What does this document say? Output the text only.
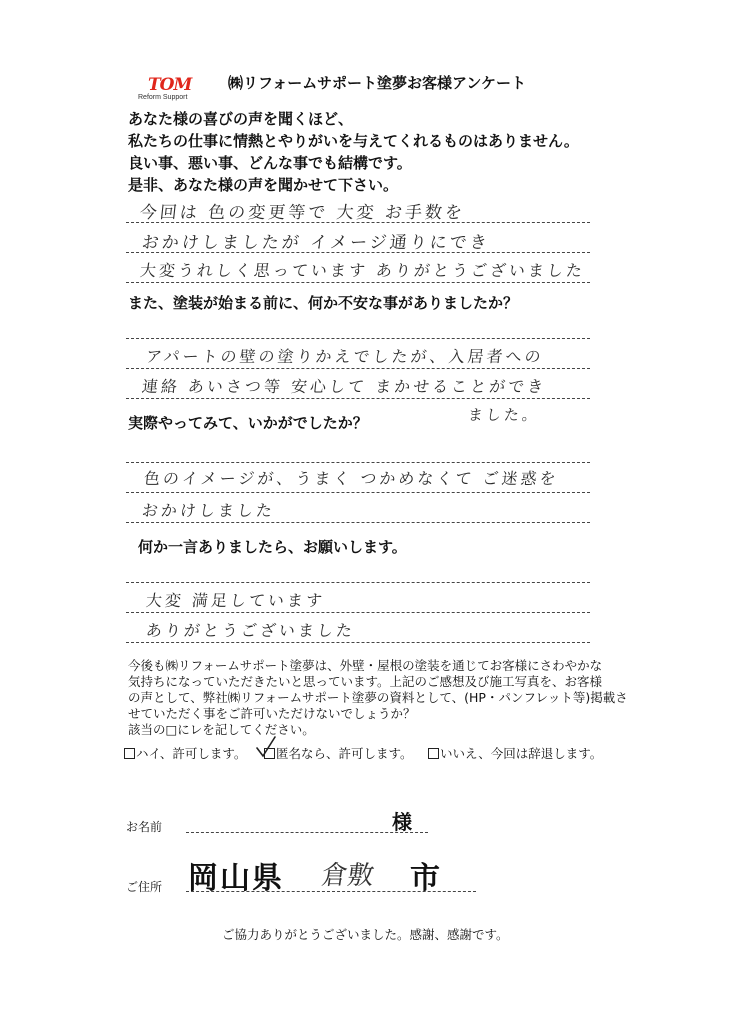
TOM
Reform Support
㈱リフォームサポート塗夢お客様アンケート
あなた様の喜びの声を聞くほど、
私たちの仕事に情熱とやりがいを与えてくれるものはありません。
良い事、悪い事、どんな事でも結構です。
是非、あなた様の声を聞かせて下さい。
今回は 色の変更等で 大変 お手数を
おかけしましたが イメージ通りにでき
大変うれしく思っています ありがとうございました
また、塗装が始まる前に、何か不安な事がありましたか？
アパートの壁の塗りかえでしたが、入居者への
連絡 あいさつ等 安心して まかせることができ
ました。
実際やってみて、いかがでしたか？
色のイメージが、うまく つかめなくて ご迷惑を
おかけしました
何か一言ありましたら、お願いします。
大変 満足しています
ありがとうございました
今後も㈱リフォームサポート塗夢は、外壁・屋根の塗装を通じてお客様にさわやかな
気持ちになっていただきたいと思っています。上記のご感想及び施工写真を、お客様
の声として、弊社㈱リフォームサポート塗夢の資料として、(HP・パンフレット等)掲載さ
せていただく事をご許可いただけないでしょうか？
該当の□にレを記してください。
ハイ、許可します。	匿名なら、許可します。	いいえ、今回は辞退します。
お名前	様
ご住所 岡山県 倉敷 市
ご協力ありがとうございました。感謝、感謝です。
